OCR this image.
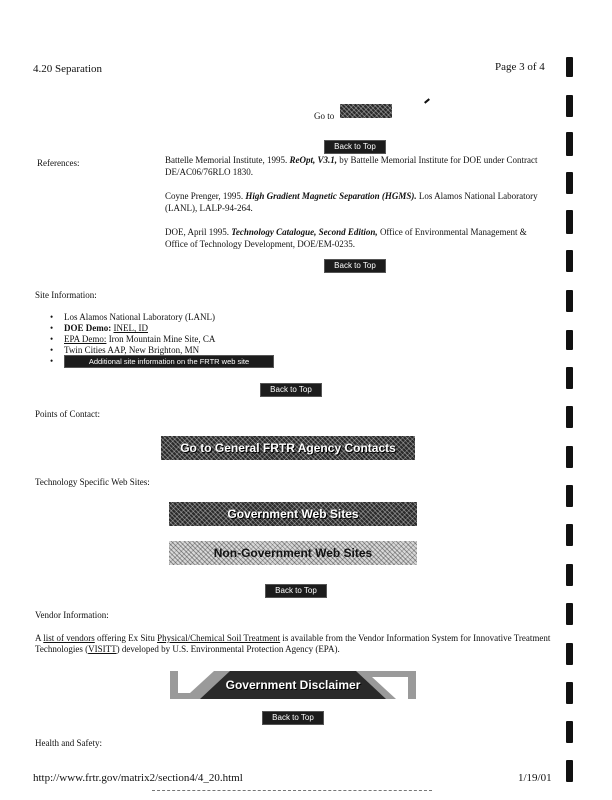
4.20 Separation	Page 3 of 4
Go to
Back to Top
References:	Battelle Memorial Institute, 1995. ReOpt, V3.1, by Battelle Memorial Institute for DOE under Contract DE/AC06/76RLO 1830.

Coyne Prenger, 1995. High Gradient Magnetic Separation (HGMS). Los Alamos National Laboratory (LANL), LALP-94-264.

DOE, April 1995. Technology Catalogue, Second Edition, Office of Environmental Management & Office of Technology Development, DOE/EM-0235.

Back to Top
Site Information:
• Los Alamos National Laboratory (LANL)
• DOE Demo: INEL, ID
• EPA Demo: Iron Mountain Mine Site, CA
• Twin Cities AAP, New Brighton, MN
•
Additional site information on the FRTR web site
Back to Top
Points of Contact:
Go to General FRTR Agency Contacts
Technology Specific Web Sites:
Government Web Sites
Non-Government Web Sites
Back to Top
Vendor Information:
A list of vendors offering Ex Situ Physical/Chemical Soil Treatment is available from the Vendor Information System for Innovative Treatment Technologies (VISITT) developed by U.S. Environmental Protection Agency (EPA).
Government Disclaimer
Back to Top
Health and Safety:
http://www.frtr.gov/matrix2/section4/4_20.html	1/19/01
